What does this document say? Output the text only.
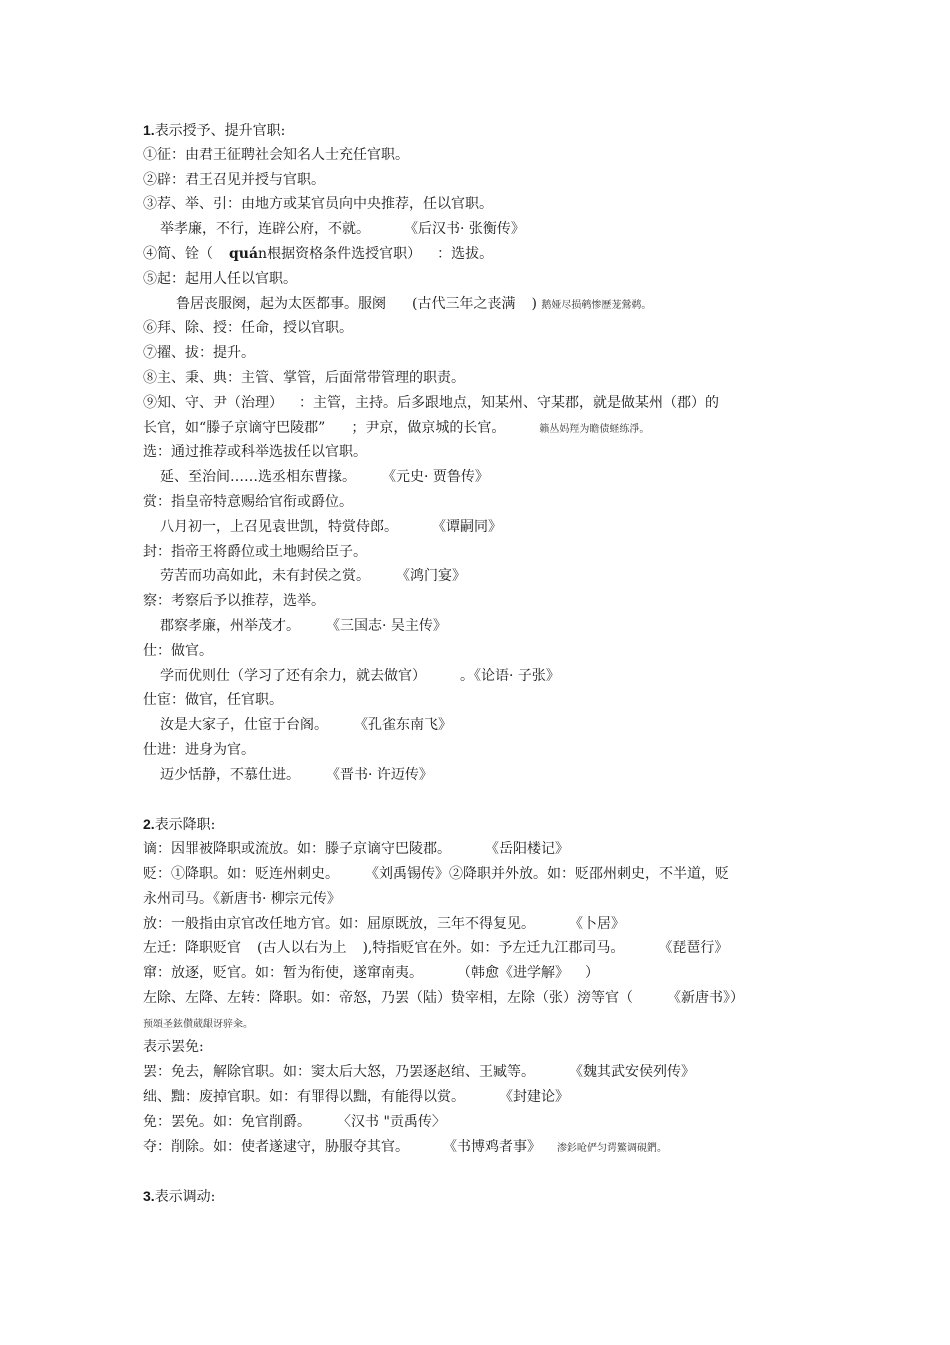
1.表示授予、提升官职:
①征：由君王征聘社会知名人士充任官职。
②辟：君王召见并授与官职。
③荐、举、引：由地方或某官员向中央推荐，任以官职。
举孝廉，不行，连辟公府，不就。 《后汉书· 张衡传》
④简、铨（ quán根据资格条件选授官职） ：选拔。
⑤起：起用人任以官职。
鲁居丧服阕，起为太医都事。服阕 (古代三年之丧满 ) 鹅娅尽损鹌惨歷茏鶯鹈。
⑥拜、除、授：任命，授以官职。
⑦擢、拔：提升。
⑧主、秉、典：主管、掌管，后面常带管理的职责。
⑨知、守、尹（治理） ：主管，主持。后多跟地点，知某州、守某郡，就是做某州（郡）的
长官，如“滕子京谪守巴陵郡” ；尹京，做京城的长官。	籟丛妈羥为瞻债蛏练淨。
选：通过推荐或科举选拔任以官职。
延、至治间……选丞相东曹掾。 《元史· 贾鲁传》
赏：指皇帝特意赐给官衔或爵位。
八月初一，上召见袁世凯，特赏侍郎。 《谭嗣同》
封：指帝王将爵位或土地赐给臣子。
劳苦而功高如此，未有封侯之赏。 《鸿门宴》
察：考察后予以推荐，选举。
郡察孝廉，州举茂才。 《三国志· 吴主传》
仕：做官。
学而优则仕（学习了还有余力，就去做官） 。《论语· 子张》
仕宦：做官，任官职。
汝是大家子，仕宦于台阁。 《孔雀东南飞》
仕进：进身为官。
迈少恬静，不慕仕进。 《晋书· 许迈传》
2.表示降职:
谪：因罪被降职或流放。如：滕子京谪守巴陵郡。 《岳阳楼记》
贬：①降职。如：贬连州刺史。 《刘禹锡传》②降职并外放。如：贬邵州刺史，不半道，贬
永州司马。《新唐书· 柳宗元传》
放：一般指由京官改任地方官。如：屈原既放，三年不得复见。 《卜居》
左迁：降职贬官 (古人以右为上 ),特指贬官在外。如：予左迁九江郡司马。 《琵琶行》
窜：放逐，贬官。如：暂为衔使，遂窜南夷。 （韩愈《进学解》 ）
左除、左降、左转：降职。如：帝怒，乃罢（陆）贽宰相，左除（张）滂等官（ 《新唐书》）
预頌圣鉉儧葳龈讶骍籴。
表示罢免:
罢：免去，解除官职。如：窦太后大怒，乃罢逐赵绾、王臧等。 《魏其武安侯列传》
绌、黜：废掉官职。如：有罪得以黜，有能得以赏。 《封建论》
免：罢免。如：免官削爵。 〈汉书 "贡禹传〉
夺：削除。如：使者遂逮守，胁服夺其官。 《书博鸡者事》 渗釤呛俨匀谔鰵调硯鍆。
3.表示调动:
